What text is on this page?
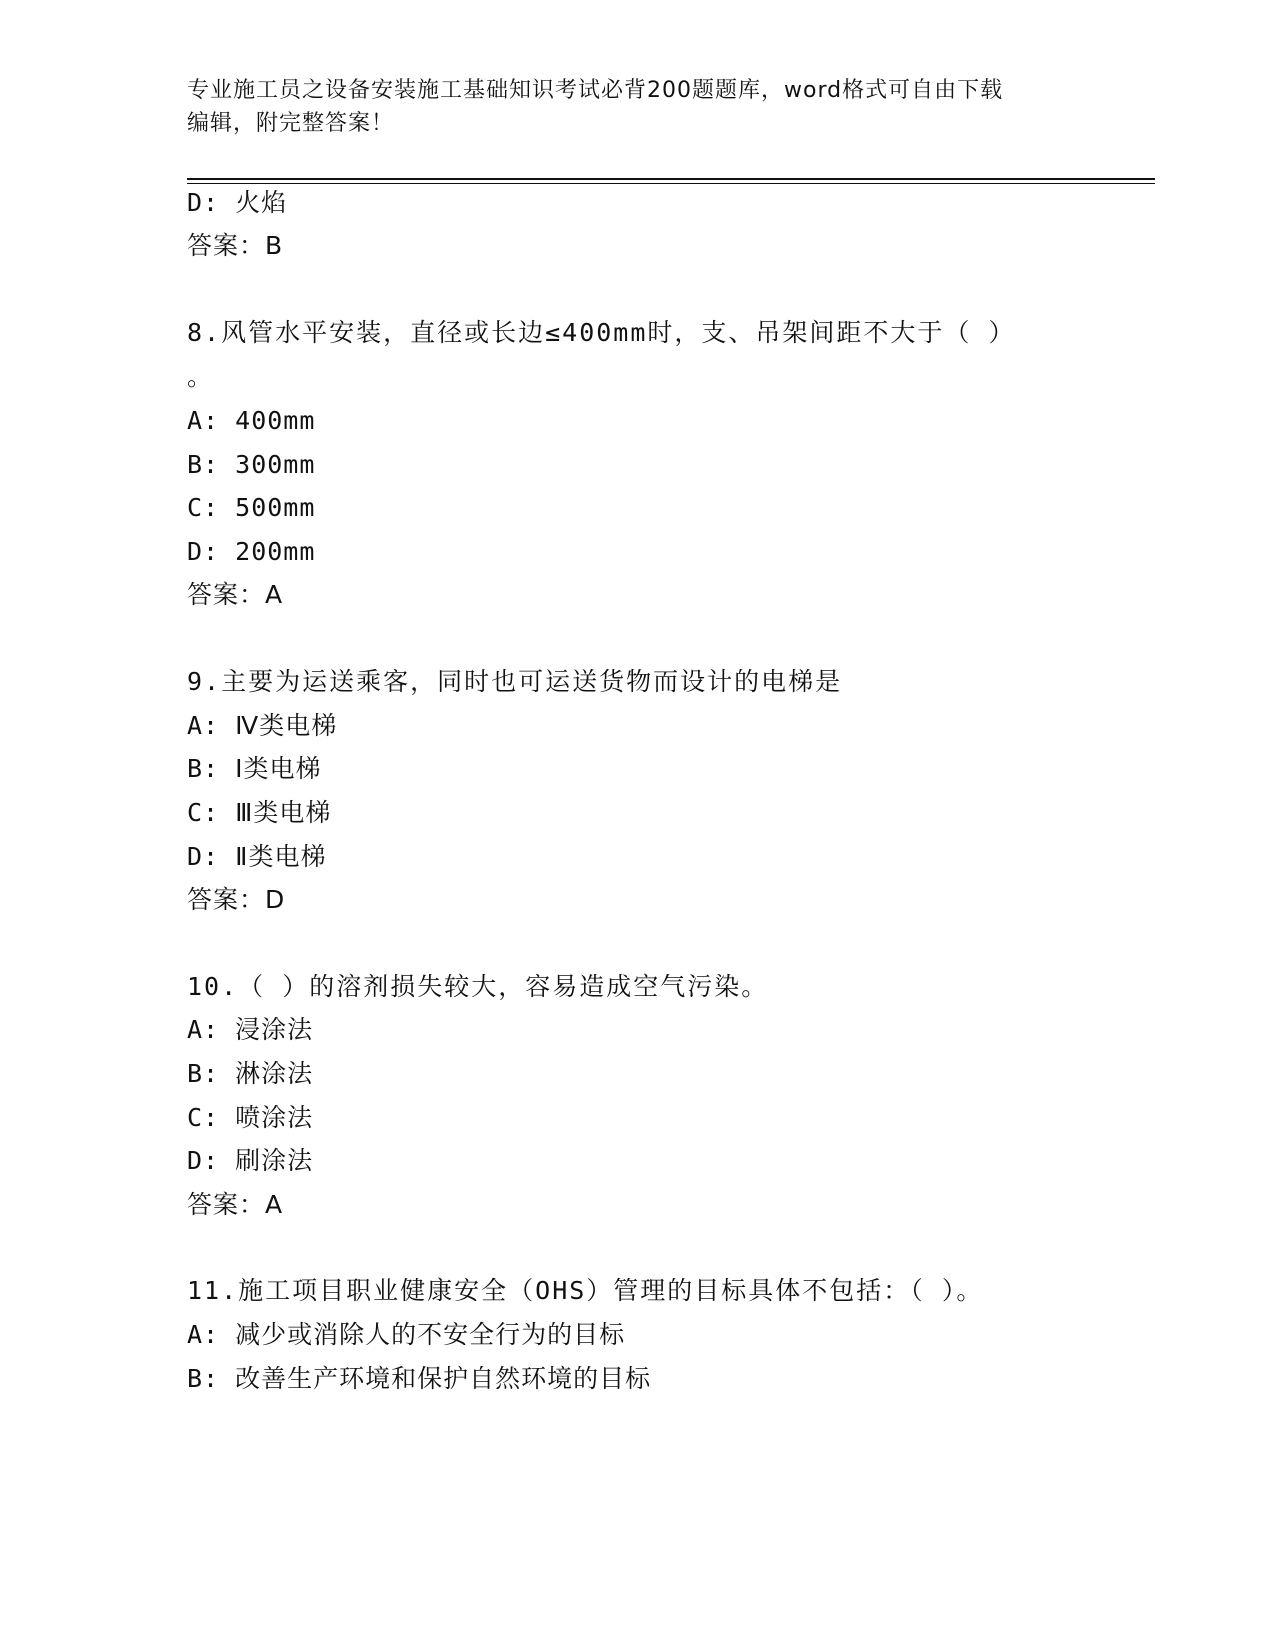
专业施工员之设备安装施工基础知识考试必背200题题库，word格式可自由下载
编辑，附完整答案！
D: 火焰
答案：B
8.风管水平安装，直径或长边≤400mm时，支、吊架间距不大于（ ）
。
A: 400mm
B: 300mm
C: 500mm
D: 200mm
答案：A
9.主要为运送乘客，同时也可运送货物而设计的电梯是
A: Ⅳ类电梯
B: Ⅰ类电梯
C: Ⅲ类电梯
D: Ⅱ类电梯
答案：D
10.（ ）的溶剂损失较大，容易造成空气污染。
A: 浸涂法
B: 淋涂法
C: 喷涂法
D: 刷涂法
答案：A
11.施工项目职业健康安全（OHS）管理的目标具体不包括：（ ）。
A: 减少或消除人的不安全行为的目标
B: 改善生产环境和保护自然环境的目标
